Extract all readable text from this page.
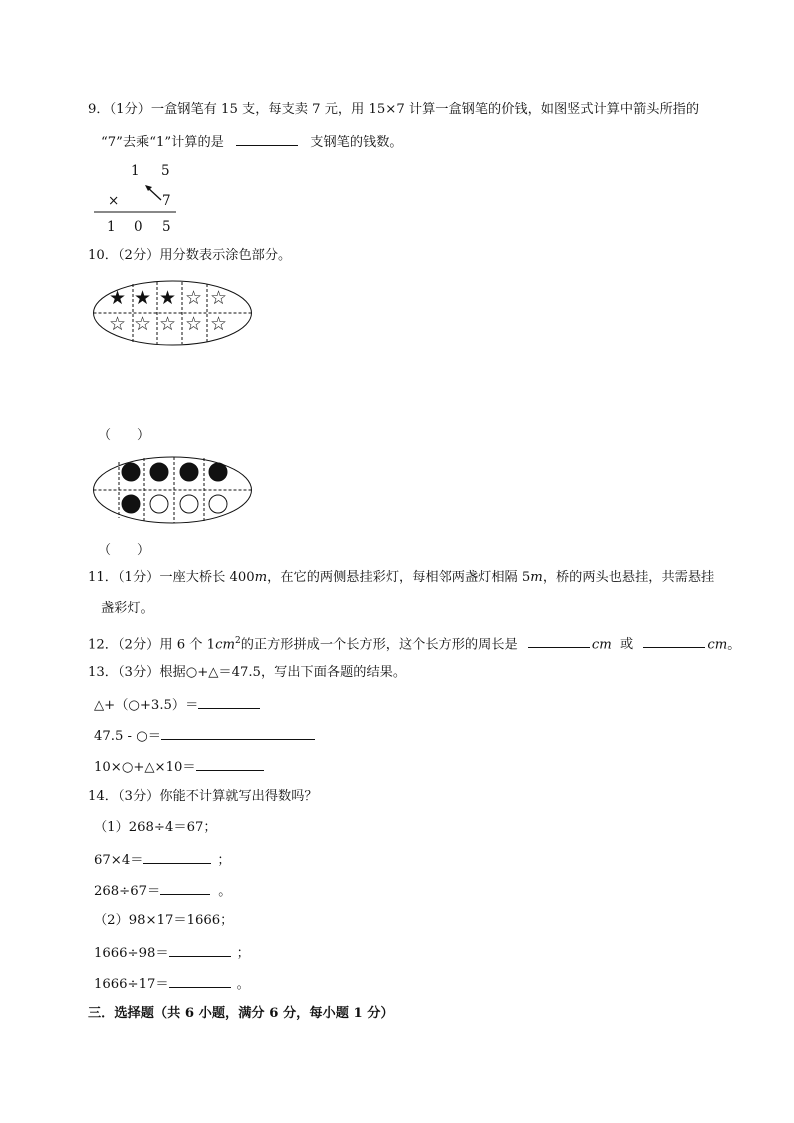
9．（1分）一盒钢笔有 15 支，每支卖 7 元，用 15×7 计算一盒钢笔的价钱，如图竖式计算中箭头所指的
“7”去乘“1”计算的是	支钢笔的钱数。
1 5
×	7
1 0 5
10．（2分）用分数表示涂色部分。
★ ★ ★ ☆ ☆
☆ ☆ ☆ ☆ ☆
（　　）
（　　）
11．（1分）一座大桥长 400m，在它的两侧悬挂彩灯，每相邻两盏灯相隔 5m，桥的两头也悬挂，共需悬挂
盏彩灯。
12．（2分）用 6 个 $1cm^2$的正方形拼成一个长方形，这个长方形的周长是	cm 或	cm。
13．（3分）根据○+△＝47.5，写出下面各题的结果。
△+（○+3.5）＝
47.5 - ○＝
10×○+△×10＝
14．（3分）你能不计算就写出得数吗？
（1）268÷4＝67；
67×4＝	；
268÷67＝	。
（2）98×17＝1666；
1666÷98＝	；
1666÷17＝	。
三．选择题（共 6 小题，满分 6 分，每小题 1 分）
